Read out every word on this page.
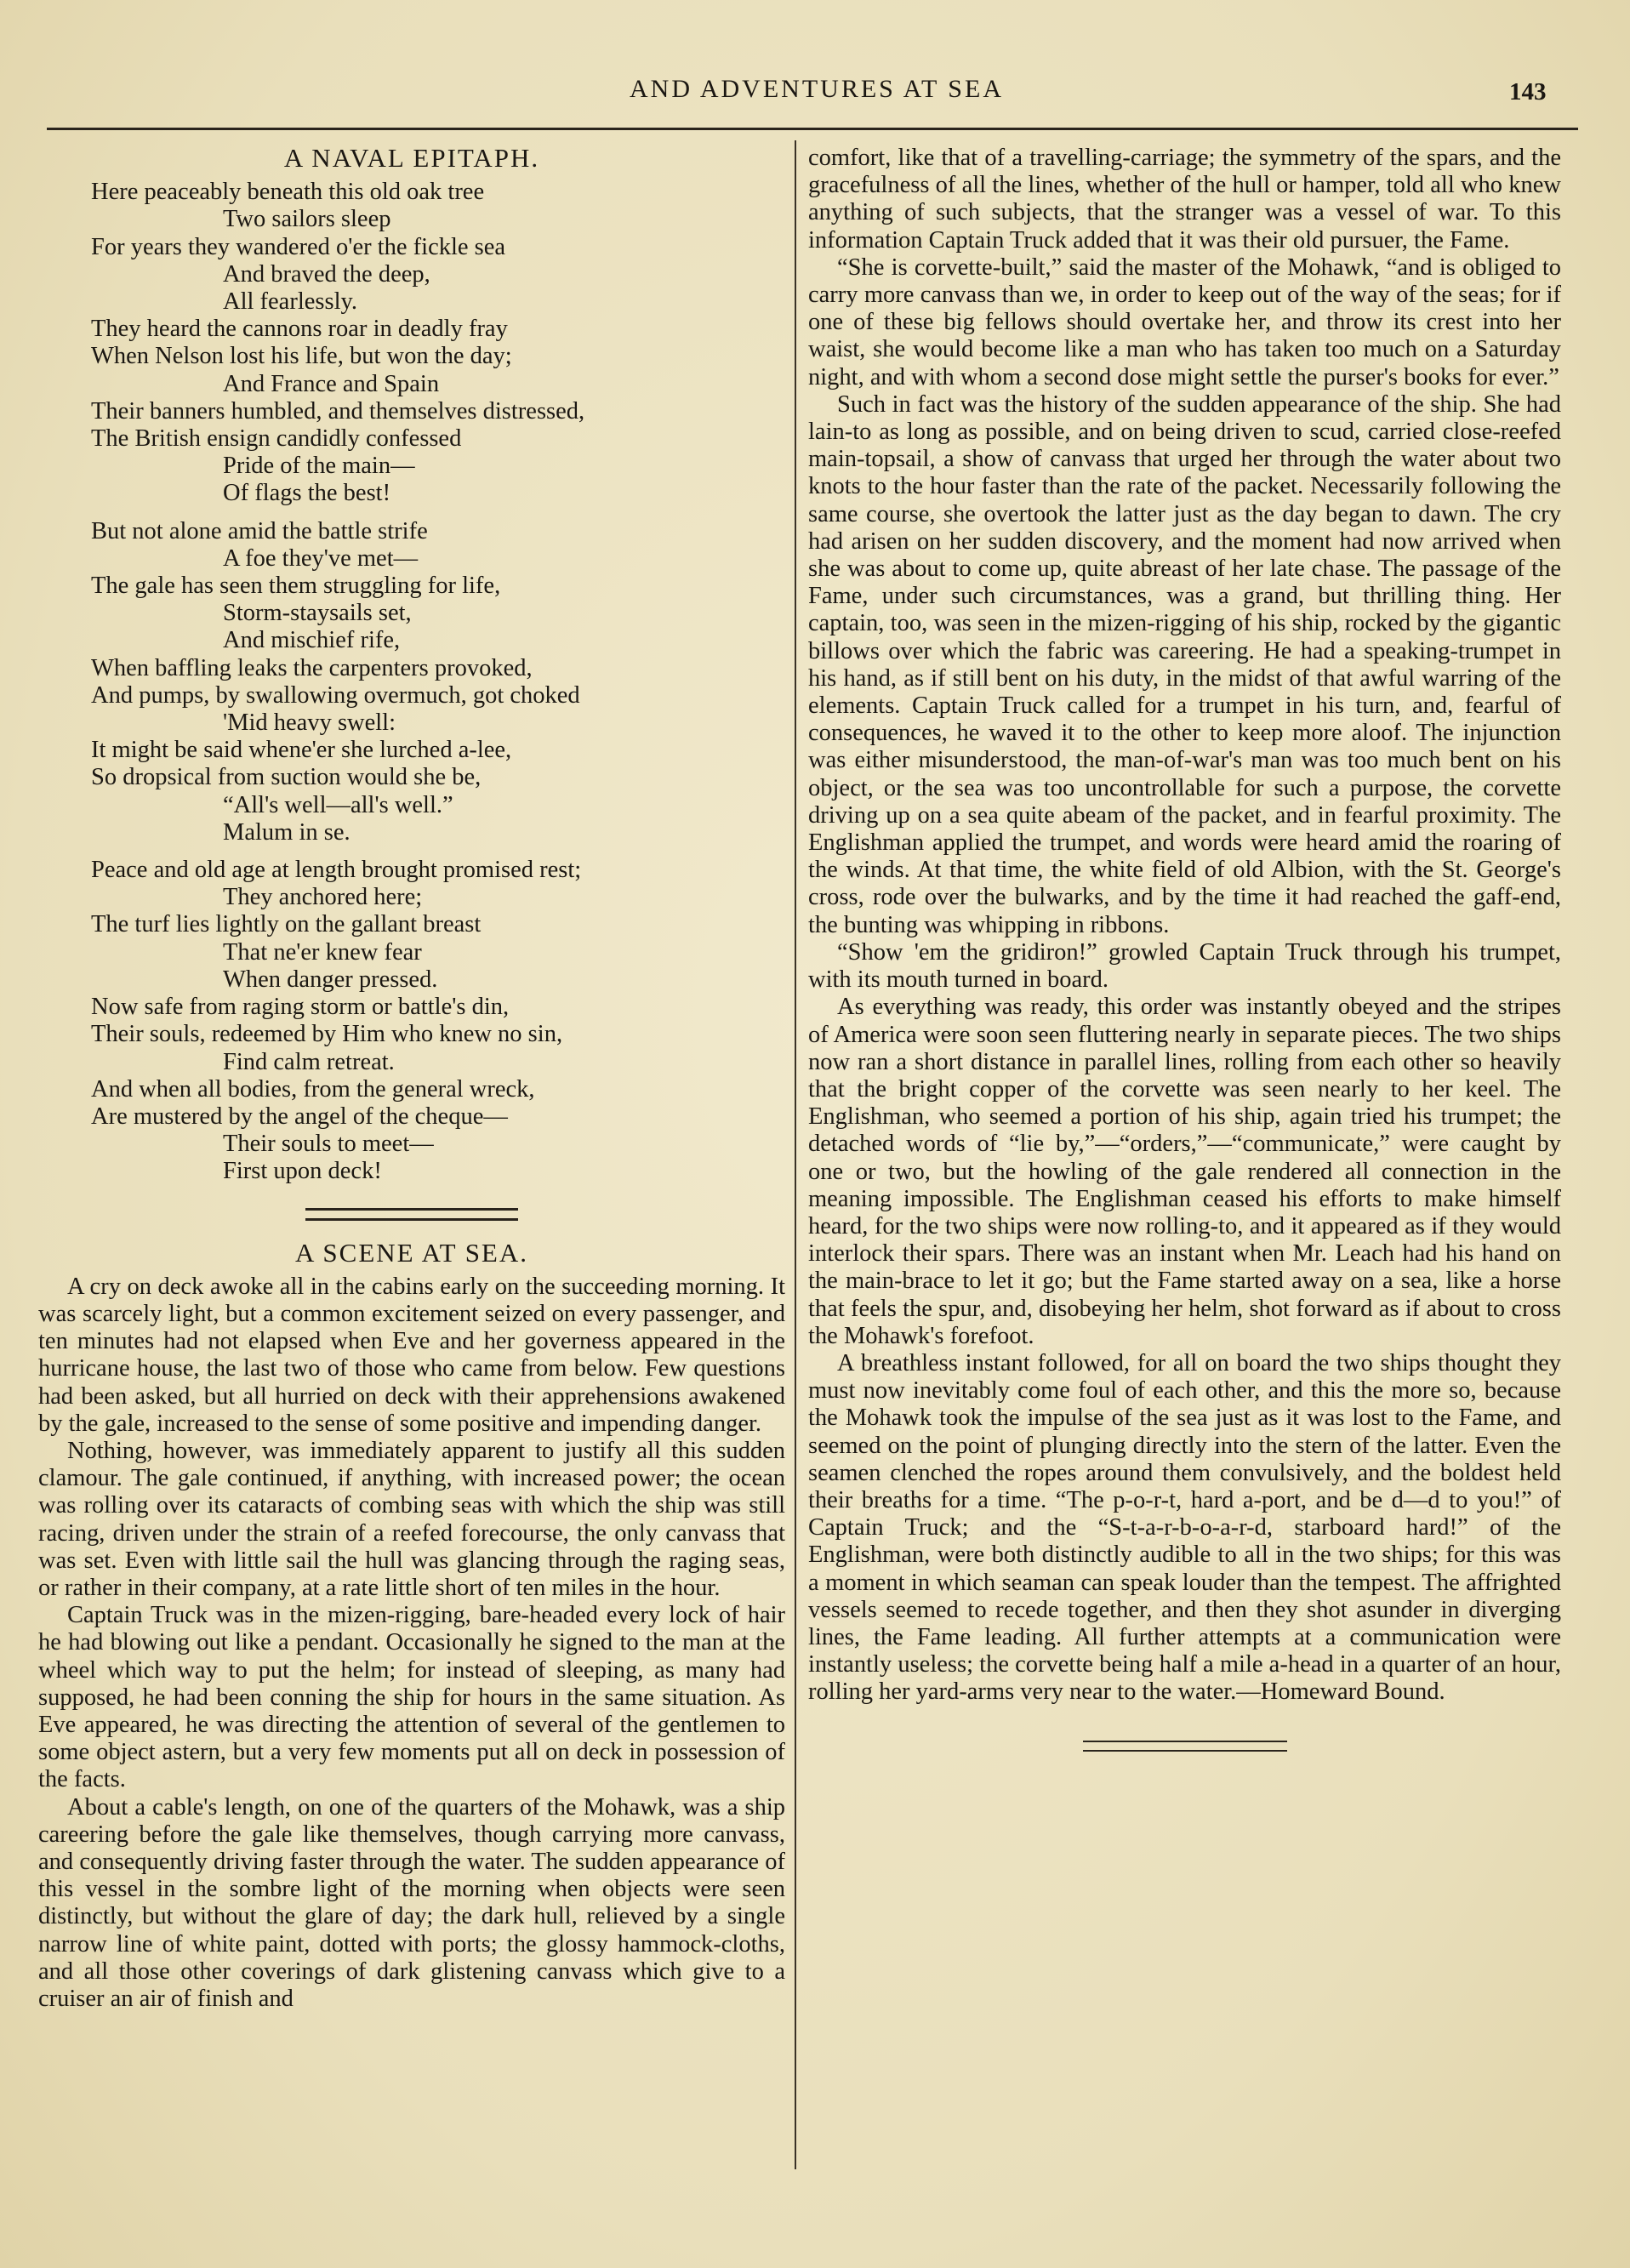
AND ADVENTURES AT SEA	143
A NAVAL EPITAPH.
Here peaceably beneath this old oak tree
Two sailors sleep
For years they wandered o'er the fickle sea
And braved the deep,
All fearlessly.
They heard the cannons roar in deadly fray
When Nelson lost his life, but won the day;
And France and Spain
Their banners humbled, and themselves distressed,
The British ensign candidly confessed
Pride of the main—
Of flags the best!
But not alone amid the battle strife
A foe they've met—
The gale has seen them struggling for life,
Storm-staysails set,
And mischief rife,
When baffling leaks the carpenters provoked,
And pumps, by swallowing overmuch, got choked
'Mid heavy swell:
It might be said whene'er she lurched a-lee,
So dropsical from suction would she be,
“All's well—all's well.”
Malum in se.
Peace and old age at length brought promised rest;
They anchored here;
The turf lies lightly on the gallant breast
That ne'er knew fear
When danger pressed.
Now safe from raging storm or battle's din,
Their souls, redeemed by Him who knew no sin,
Find calm retreat.
And when all bodies, from the general wreck,
Are mustered by the angel of the cheque—
Their souls to meet—
First upon deck!
A SCENE AT SEA.

A cry on deck awoke all in the cabins early on the succeeding morning. It was scarcely light, but a common excitement seized on every passenger, and ten minutes had not elapsed when Eve and her governess appeared in the hurricane house, the last two of those who came from below. Few questions had been asked, but all hurried on deck with their apprehensions awakened by the gale, increased to the sense of some positive and impending danger.

Nothing, however, was immediately apparent to justify all this sudden clamour. The gale continued, if anything, with increased power; the ocean was rolling over its cataracts of combing seas with which the ship was still racing, driven under the strain of a reefed forecourse, the only canvass that was set. Even with little sail the hull was glancing through the raging seas, or rather in their company, at a rate little short of ten miles in the hour.

Captain Truck was in the mizen-rigging, bare-headed every lock of hair he had blowing out like a pendant. Occasionally he signed to the man at the wheel which way to put the helm; for instead of sleeping, as many had supposed, he had been conning the ship for hours in the same situation. As Eve appeared, he was directing the attention of several of the gentlemen to some object astern, but a very few moments put all on deck in possession of the facts.

About a cable's length, on one of the quarters of the Mohawk, was a ship careering before the gale like themselves, though carrying more canvass, and consequently driving faster through the water. The sudden appearance of this vessel in the sombre light of the morning when objects were seen distinctly, but without the glare of day; the dark hull, relieved by a single narrow line of white paint, dotted with ports; the glossy hammock-cloths, and all those other coverings of dark glistening canvass which give to a cruiser an air of finish and

comfort, like that of a travelling-carriage; the symmetry of the spars, and the gracefulness of all the lines, whether of the hull or hamper, told all who knew anything of such subjects, that the stranger was a vessel of war. To this information Captain Truck added that it was their old pursuer, the Fame.

“She is corvette-built,” said the master of the Mohawk, “and is obliged to carry more canvass than we, in order to keep out of the way of the seas; for if one of these big fellows should overtake her, and throw its crest into her waist, she would become like a man who has taken too much on a Saturday night, and with whom a second dose might settle the purser's books for ever.”

Such in fact was the history of the sudden appearance of the ship. She had lain-to as long as possible, and on being driven to scud, carried close-reefed main-topsail, a show of canvass that urged her through the water about two knots to the hour faster than the rate of the packet. Necessarily following the same course, she overtook the latter just as the day began to dawn. The cry had arisen on her sudden discovery, and the moment had now arrived when she was about to come up, quite abreast of her late chase. The passage of the Fame, under such circumstances, was a grand, but thrilling thing. Her captain, too, was seen in the mizen-rigging of his ship, rocked by the gigantic billows over which the fabric was careering. He had a speaking-trumpet in his hand, as if still bent on his duty, in the midst of that awful warring of the elements. Captain Truck called for a trumpet in his turn, and, fearful of consequences, he waved it to the other to keep more aloof. The injunction was either misunderstood, the man-of-war's man was too much bent on his object, or the sea was too uncontrollable for such a purpose, the corvette driving up on a sea quite abeam of the packet, and in fearful proximity. The Englishman applied the trumpet, and words were heard amid the roaring of the winds. At that time, the white field of old Albion, with the St. George's cross, rode over the bulwarks, and by the time it had reached the gaff-end, the bunting was whipping in ribbons.

“Show 'em the gridiron!” growled Captain Truck through his trumpet, with its mouth turned in board.

As everything was ready, this order was instantly obeyed and the stripes of America were soon seen fluttering nearly in separate pieces. The two ships now ran a short distance in parallel lines, rolling from each other so heavily that the bright copper of the corvette was seen nearly to her keel. The Englishman, who seemed a portion of his ship, again tried his trumpet; the detached words of “lie by,”—“orders,”—“communicate,” were caught by one or two, but the howling of the gale rendered all connection in the meaning impossible. The Englishman ceased his efforts to make himself heard, for the two ships were now rolling-to, and it appeared as if they would interlock their spars. There was an instant when Mr. Leach had his hand on the main-brace to let it go; but the Fame started away on a sea, like a horse that feels the spur, and, disobeying her helm, shot forward as if about to cross the Mohawk's forefoot.

A breathless instant followed, for all on board the two ships thought they must now inevitably come foul of each other, and this the more so, because the Mohawk took the impulse of the sea just as it was lost to the Fame, and seemed on the point of plunging directly into the stern of the latter. Even the seamen clenched the ropes around them convulsively, and the boldest held their breaths for a time. “The p-o-r-t, hard a-port, and be d—d to you!” of Captain Truck; and the “S-t-a-r-b-o-a-r-d, starboard hard!” of the Englishman, were both distinctly audible to all in the two ships; for this was a moment in which seaman can speak louder than the tempest. The affrighted vessels seemed to recede together, and then they shot asunder in diverging lines, the Fame leading. All further attempts at a communication were instantly useless; the corvette being half a mile a-head in a quarter of an hour, rolling her yard-arms very near to the water.—Homeward Bound.
